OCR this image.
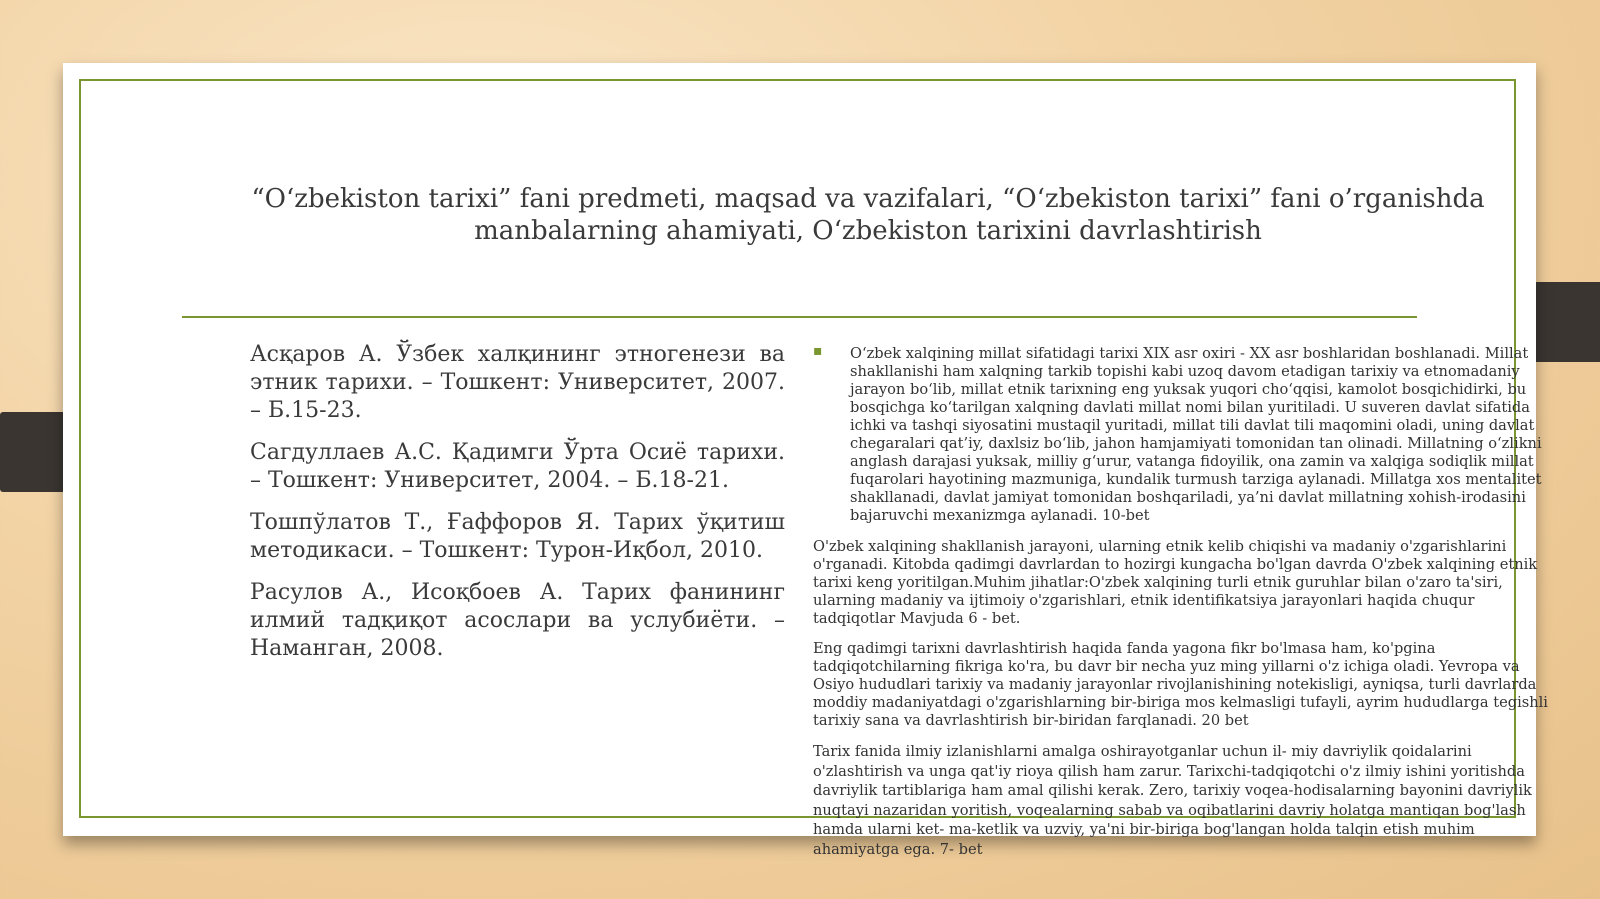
“O‘zbekiston tarixi” fani predmeti, maqsad va vazifalari, “O‘zbekiston tarixi” fani o’rganishda manbalarning ahamiyati, O‘zbekiston tarixini davrlashtirish

Асқаров А. Ўзбек халқининг этногенези ва этник тарихи. – Тошкент: Университет, 2007. – Б.15-23.

Сагдуллаев А.С. Қадимги Ўрта Осиё тарихи. – Тошкент: Университет, 2004. – Б.18-21.

Тошпўлатов Т., Ғаффоров Я. Тарих ўқитиш методикаси. – Тошкент: Турон-Иқбол, 2010.

Расулов А., Исоқбоев А. Тарих фанининг илмий тадқиқот асослари ва услубиёти. – Наманган, 2008.

▪ O‘zbek xalqining millat sifatidagi tarixi XIX asr oxiri - XX asr boshlaridan boshlanadi. Millat shakllanishi ham xalqning tarkib topishi kabi uzoq davom etadigan tarixiy va etnomadaniy jarayon bo‘lib, millat etnik tarixning eng yuksak yuqori cho‘qqisi, kamolot bosqichidirki, bu bosqichga ko‘tarilgan xalqning davlati millat nomi bilan yuritiladi. U suveren davlat sifatida ichki va tashqi siyosatini mustaqil yuritadi, millat tili davlat tili maqomini oladi, uning davlat chegaralari qat’iy, daxlsiz bo‘lib, jahon hamjamiyati tomonidan tan olinadi. Millatning o‘zlikni anglash darajasi yuksak, milliy g‘urur, vatanga fidoyilik, ona zamin va xalqiga sodiqlik millat fuqarolari hayotining mazmuniga, kundalik turmush tarziga aylanadi. Millatga xos mentalitet shakllanadi, davlat jamiyat tomonidan boshqariladi, ya’ni davlat millatning xohish-irodasini bajaruvchi mexanizmga aylanadi. 10-bet
O'zbek xalqining shakllanish jarayoni, ularning etnik kelib chiqishi va madaniy o'zgarishlarini o'rganadi. Kitobda qadimgi davrlardan to hozirgi kungacha bo'lgan davrda O'zbek xalqining etnik tarixi keng yoritilgan.Muhim jihatlar:O'zbek xalqining turli etnik guruhlar bilan o'zaro ta'siri, ularning madaniy va ijtimoiy o'zgarishlari, etnik identifikatsiya jarayonlari haqida chuqur tadqiqotlar Mavjuda 6 - bet.
Eng qadimgi tarixni davrlashtirish haqida fanda yagona fikr bo'lmasa ham, ko'pgina tadqiqotchilarning fikriga ko'ra, bu davr bir necha yuz ming yillarni o'z ichiga oladi. Yevropa va Osiyo hududlari tarixiy va madaniy jarayonlar rivojlanishining notekisligi, ayniqsa, turli davrlarda moddiy madaniyatdagi o'zgarishlarning bir-biriga mos kelmasligi tufayli, ayrim hududlarga tegishli tarixiy sana va davrlashtirish bir-biridan farqlanadi. 20 bet
Tarix fanida ilmiy izlanishlarni amalga oshirayotganlar uchun il- miy davriylik qoidalarini o'zlashtirish va unga qat'iy rioya qilish ham zarur. Tarixchi-tadqiqotchi o'z ilmiy ishini yoritishda davriylik tartiblariga ham amal qilishi kerak. Zero, tarixiy voqea-hodisalarning bayonini davriylik nuqtayi nazaridan yoritish, voqealarning sabab va oqibatlarini davriy holatga mantiqan bog'lash hamda ularni ket- ma-ketlik va uzviy, ya'ni bir-biriga bog'langan holda talqin etish muhim ahamiyatga ega. 7- bet
